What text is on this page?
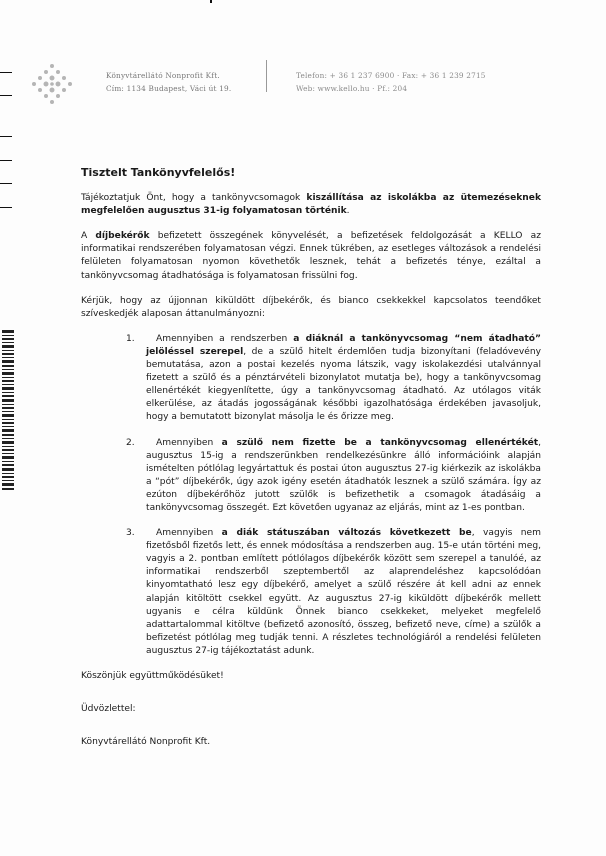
Könyvtárellátó Nonprofit Kft.
Cím: 1134 Budapest, Váci út 19.
Telefon: + 36 1 237 6900 · Fax: + 36 1 239 2715
Web: www.kello.hu · Pf.: 204
Tisztelt Tankönyvfelelős!

Tájékoztatjuk Önt, hogy a tankönyvcsomagok kiszállítása az iskolákba az ütemezéseknek megfelelően augusztus 31-ig folyamatosan történik.

A díjbekérők befizetett összegének könyvelését, a befizetések feldolgozását a KELLO az informatikai rendszerében folyamatosan végzi. Ennek tükrében, az esetleges változások a rendelési felületen folyamatosan nyomon követhetők lesznek, tehát a befizetés ténye, ezáltal a tankönyvcsomag átadhatósága is folyamatosan frissülni fog.

Kérjük, hogy az újjonnan kiküldött díjbekérők, és bianco csekkekkel kapcsolatos teendőket szíveskedjék alaposan áttanulmányozni:

1. Amennyiben a rendszerben a diáknál a tankönyvcsomag “nem átadható” jelöléssel szerepel, de a szülő hitelt érdemlően tudja bizonyítani (feladóvevény bemutatása, azon a postai kezelés nyoma látszik, vagy iskolakezdési utalvánnyal fizetett a szülő és a pénztárvételi bizonylatot mutatja be), hogy a tankönyvcsomag ellenértékét kiegyenlítette, úgy a tankönyvcsomag átadható. Az utólagos viták elkerülése, az átadás jogosságának későbbi igazolhatósága érdekében javasoljuk, hogy a bemutatott bizonylat másolja le és őrizze meg.
2. Amennyiben a szülő nem fizette be a tankönyvcsomag ellenértékét, augusztus 15-ig a rendszerünkben rendelkezésünkre álló információink alapján ismételten pótlólag legyártattuk és postai úton augusztus 27-ig kiérkezik az iskolákba a “pót” díjbekérők, úgy azok igény esetén átadhatók lesznek a szülő számára. Így az ezúton díjbekérőhöz jutott szülők is befizethetik a csomagok átadásáig a tankönyvcsomag összegét. Ezt követően ugyanaz az eljárás, mint az 1-es pontban.
3. Amennyiben a diák státuszában változás következett be, vagyis nem fizetősből fizetős lett, és ennek módosítása a rendszerben aug. 15-e után történi meg, vagyis a 2. pontban említett pótlólagos díjbekérők között sem szerepel a tanulóé, az informatikai rendszerből szeptembertől az alaprendeléshez kapcsolódóan kinyomtatható lesz egy díjbekérő, amelyet a szülő részére át kell adni az ennek alapján kitöltött csekkel együtt. Az augusztus 27-ig kiküldött díjbekérők mellett ugyanis e célra küldünk Önnek bianco csekkeket, melyeket megfelelő adattartalommal kitöltve (befizető azonosító, összeg, befizető neve, címe) a szülők a befizetést pótlólag meg tudják tenni. A részletes technológiáról a rendelési felületen augusztus 27-ig tájékoztatást adunk.

Köszönjük együttműködésüket!

Üdvözlettel:

Könyvtárellátó Nonprofit Kft.
